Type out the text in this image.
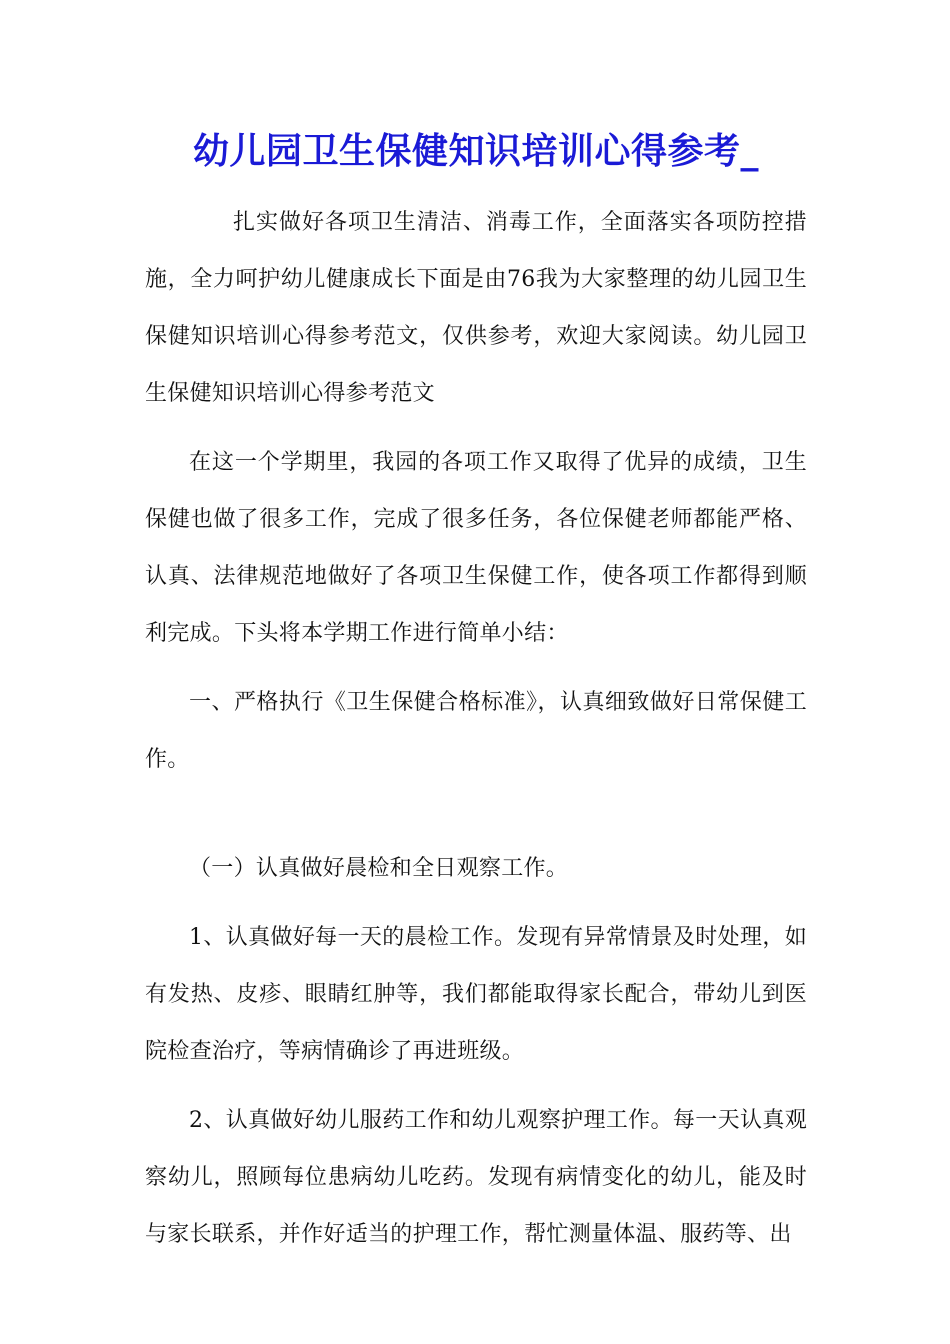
幼儿园卫生保健知识培训心得参考_

扎实做好各项卫生清洁、消毒工作，全面落实各项防控措施，全力呵护幼儿健康成长下面是由76我为大家整理的幼儿园卫生保健知识培训心得参考范文，仅供参考，欢迎大家阅读。幼儿园卫生保健知识培训心得参考范文

在这一个学期里，我园的各项工作又取得了优异的成绩，卫生保健也做了很多工作，完成了很多任务，各位保健老师都能严格、认真、法律规范地做好了各项卫生保健工作，使各项工作都得到顺利完成。下头将本学期工作进行简单小结：

一、严格执行《卫生保健合格标准》，认真细致做好日常保健工作。

（一）认真做好晨检和全日观察工作。

1、认真做好每一天的晨检工作。发现有异常情景及时处理，如有发热、皮疹、眼睛红肿等，我们都能取得家长配合，带幼儿到医院检查治疗，等病情确诊了再进班级。

2、认真做好幼儿服药工作和幼儿观察护理工作。每一天认真观察幼儿，照顾每位患病幼儿吃药。发现有病情变化的幼儿，能及时与家长联系，并作好适当的护理工作，帮忙测量体温、服药等、出
